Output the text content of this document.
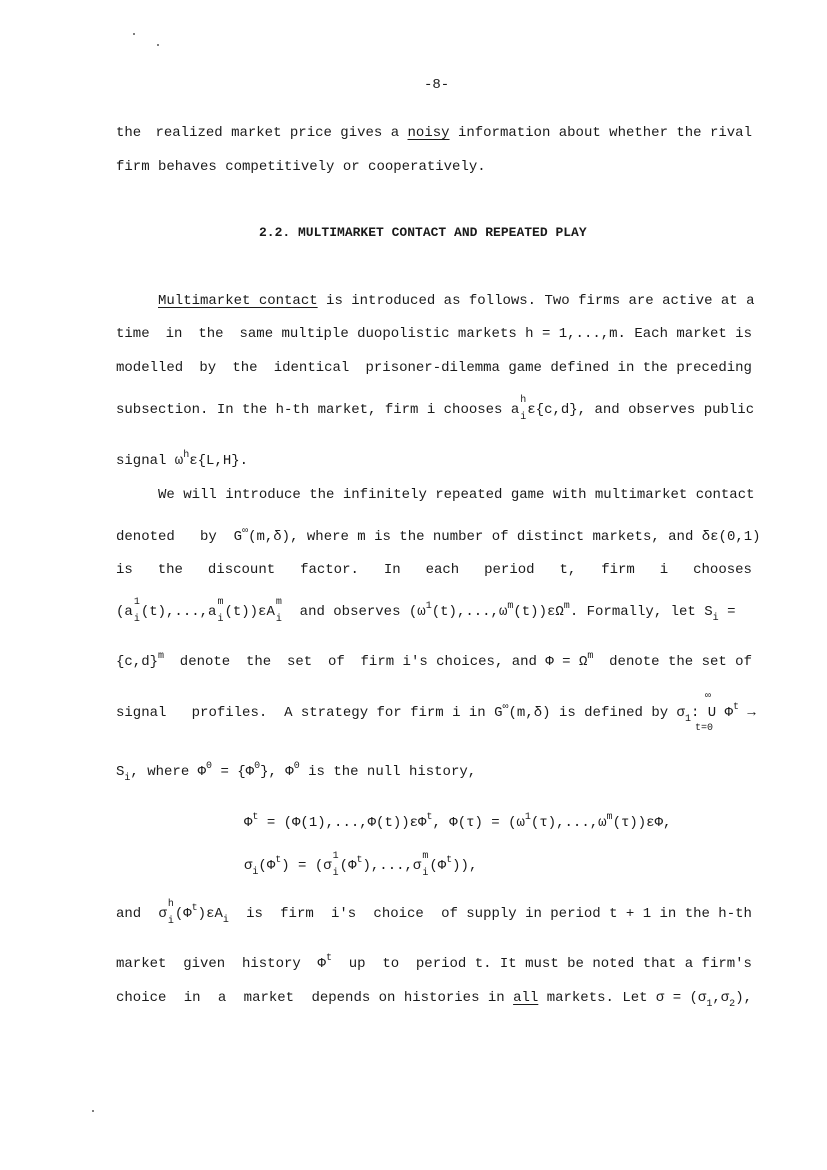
-8-
the realized market price gives a noisy information about whether the rival
firm behaves competitively or cooperatively.
2.2. MULTIMARKET CONTACT AND REPEATED PLAY
Multimarket contact is introduced as follows. Two firms are active at a
time in the same multiple duopolistic markets h = 1,...,m. Each market is
modelled by the identical prisoner-dilemma game defined in the preceding
subsection. In the h-th market, firm i chooses a
h
i ε{c,d}, and observes public
signal $\omega^h\varepsilon\{L,H\}$.
We will introduce the infinitely repeated game with multimarket contact
denoted by G∞(m,δ), where m is the number of distinct markets, and δε(0,1)
is the discount factor. In each period t, firm i chooses
(a
1
i (t),...,a
m
i (t))εA
m
i and observes $(\omega^1(t),...,\omega^m(t))\varepsilon\Omega^m$. Formally, let $S_i$ =
$\{c,d\}^m$ denote the set of firm i's choices, and $\Phi = \Omega^m$ denote the set of
signal profiles. A strategy for firm i in G∞(m,δ) is defined by $\sigma_1$: U $\Phi^t$ →
∞
t=0
$S_i$, where $\Phi^0 = \{\Phi^0\}$, $\Phi^0$ is the null history,
$\Phi^t = (\Phi(1),...,\Phi(t))\varepsilon\Phi^t$, $\Phi(\tau) = (\omega^1(\tau),...,\omega^m(\tau))\varepsilon\Phi$,
$\sigma_i(\Phi^t) = (\sigma$
1
i $(\Phi^t),...,\sigma$
m
i $(\Phi^t)$),
and σ
h
i $(\Phi^t)\varepsilon A_i$ is firm i's choice of supply in period t + 1 in the h-th
market given history $\Phi^t$ up to period t. It must be noted that a firm's
choice in a market depends on histories in all markets. Let $\sigma = (\sigma_1,\sigma_2)$,
